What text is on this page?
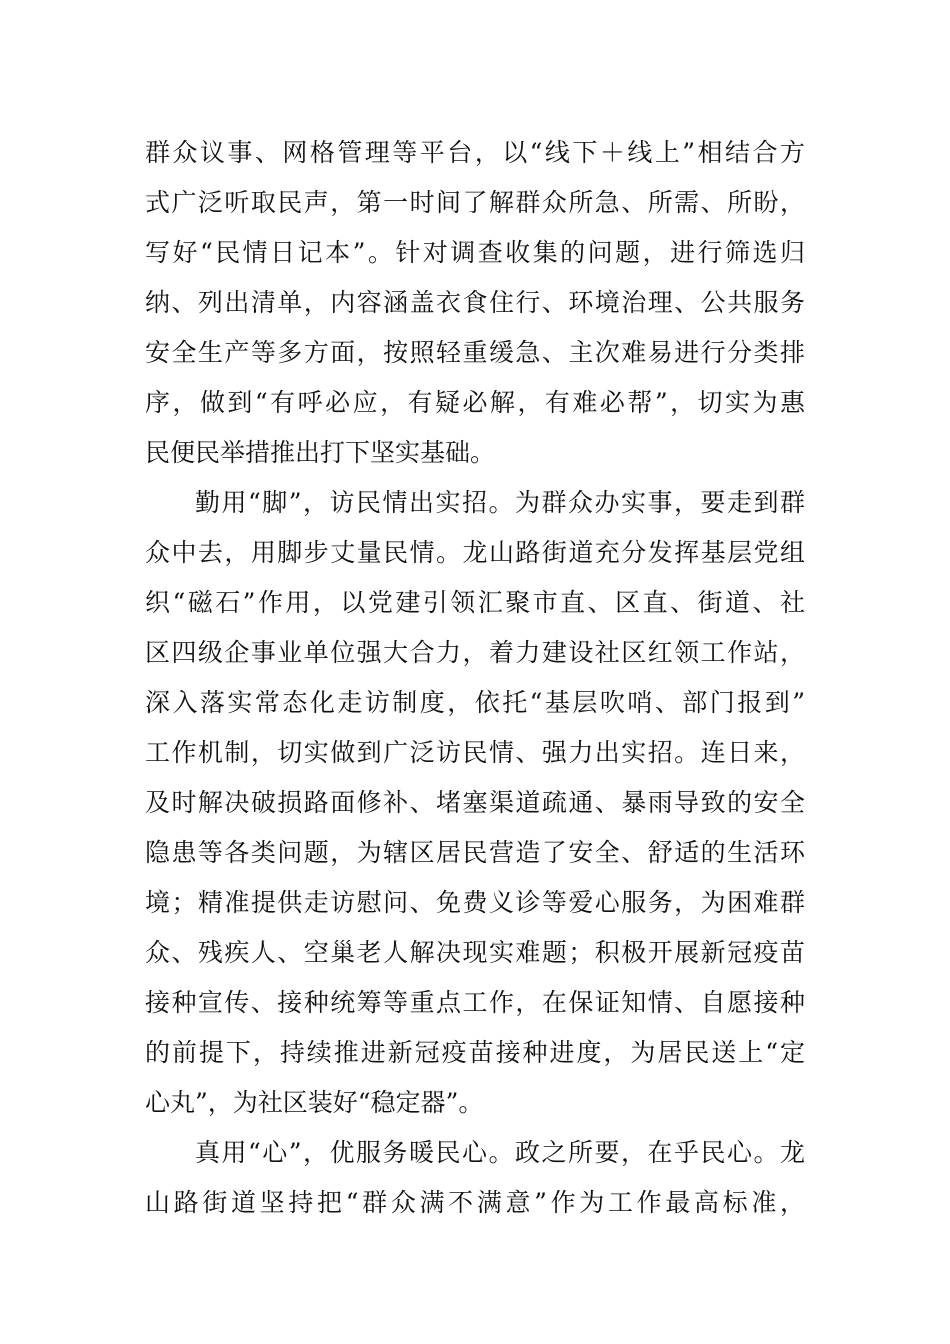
群众议事、网格管理等平台，以“线下＋线上”相结合方
式广泛听取民声，第一时间了解群众所急、所需、所盼，
写好“民情日记本”。针对调查收集的问题，进行筛选归
纳、列出清单，内容涵盖衣食住行、环境治理、公共服务
安全生产等多方面，按照轻重缓急、主次难易进行分类排
序，做到“有呼必应，有疑必解，有难必帮”，切实为惠
民便民举措推出打下坚实基础。
勤用“脚”，访民情出实招。为群众办实事，要走到群
众中去，用脚步丈量民情。龙山路街道充分发挥基层党组
织“磁石”作用，以党建引领汇聚市直、区直、街道、社
区四级企事业单位强大合力，着力建设社区红领工作站，
深入落实常态化走访制度，依托“基层吹哨、部门报到”
工作机制，切实做到广泛访民情、强力出实招。连日来，
及时解决破损路面修补、堵塞渠道疏通、暴雨导致的安全
隐患等各类问题，为辖区居民营造了安全、舒适的生活环
境；精准提供走访慰问、免费义诊等爱心服务，为困难群
众、残疾人、空巢老人解决现实难题；积极开展新冠疫苗
接种宣传、接种统筹等重点工作，在保证知情、自愿接种
的前提下，持续推进新冠疫苗接种进度，为居民送上“定
心丸”，为社区装好“稳定器”。
真用“心”，优服务暖民心。政之所要，在乎民心。龙
山路街道坚持把“群众满不满意”作为工作最高标准，
